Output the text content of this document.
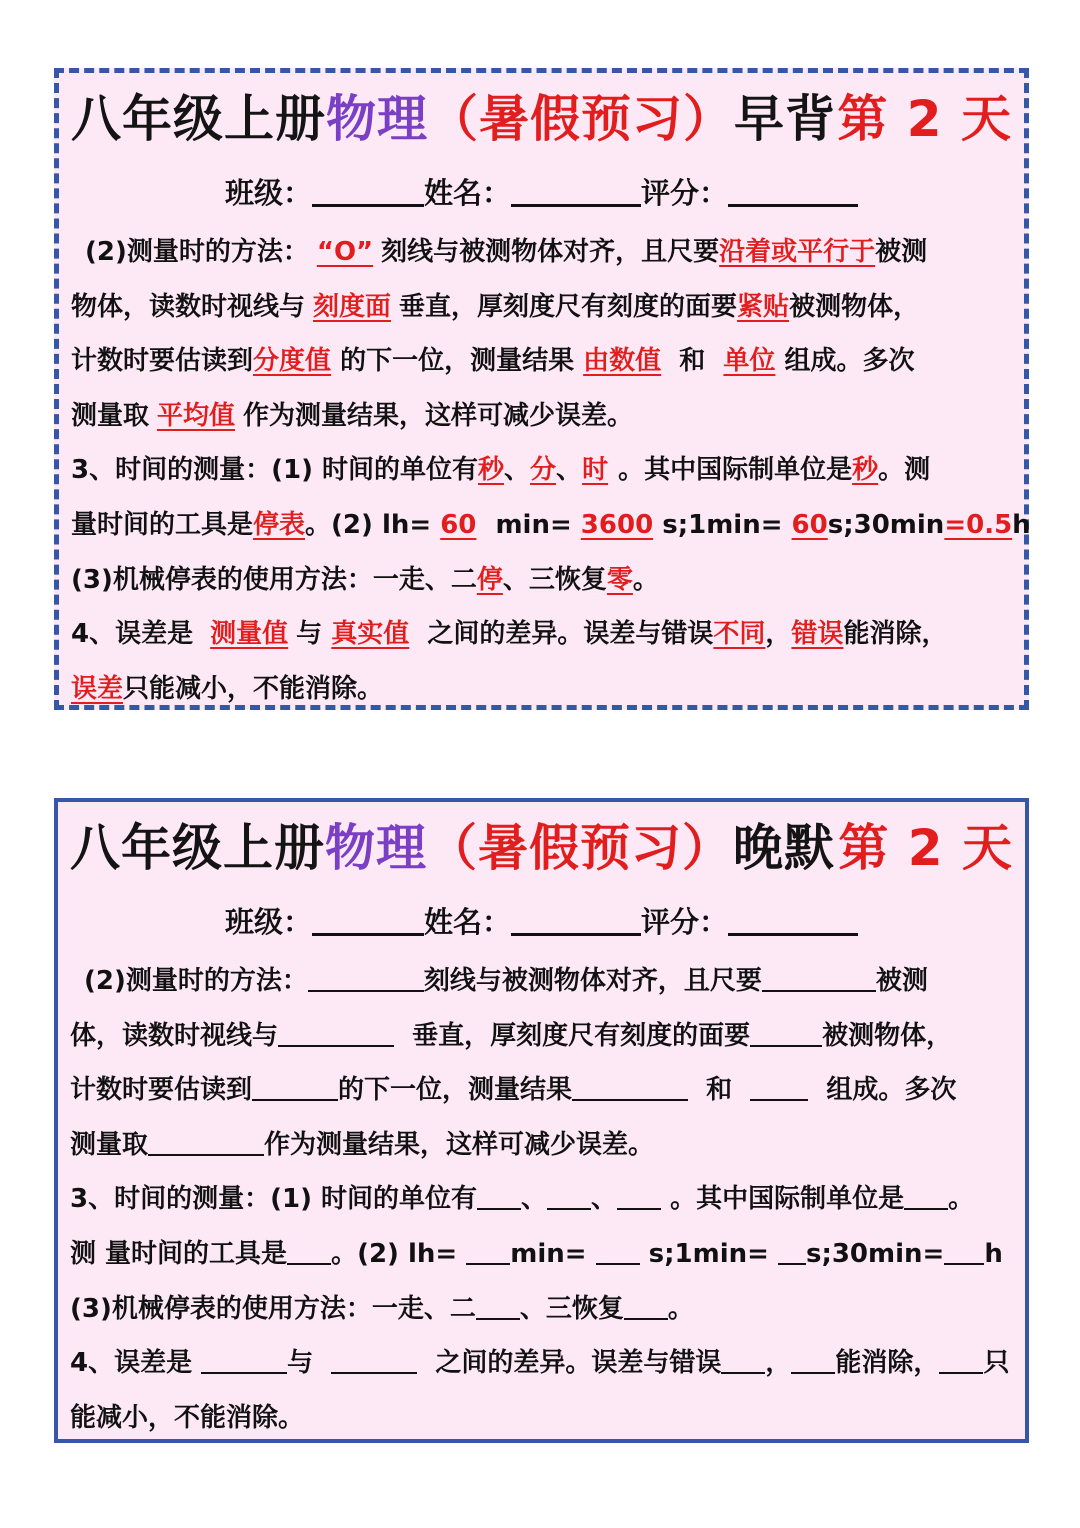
八年级上册物理（暑假预习）早背 第 2 天
班级：	姓名：	评分：
(2)测量时的方法： “O” 刻线与被测物体对齐，且尺要沿着或平行于被测
物体，读数时视线与 刻度面 垂直，厚刻度尺有刻度的面要紧贴被测物体，
计数时要估读到分度值 的下一位，测量结果 由数值 和 单位 组成。多次
测量取 平均值 作为测量结果，这样可减少误差。
3、时间的测量：(1) 时间的单位有秒、分、时 。其中国际制单位是秒。测
量时间的工具是停表。(2) lh= 60 min= 3600 s;1min= 60s;30min=0.5h
(3)机械停表的使用方法：一走、二停、三恢复零。
4、误差是 测量值 与 真实值 之间的差异。误差与错误不同，错误能消除，
误差只能减小，不能消除。
八年级上册物理（暑假预习）晚默 第 2 天
班级：	姓名：	评分：
(2)测量时的方法：	刻线与被测物体对齐，且尺要	被测
体，读数时视线与	垂直，厚刻度尺有刻度的面要	被测物体，
计数时要估读到	的下一位，测量结果	和	组成。多次
测量取	作为测量结果，这样可减少误差。
3、时间的测量：(1) 时间的单位有 、 、 。其中国际制单位是 。
测 量时间的工具是 。(2) lh= min=  s;1min= s;30min= h
(3)机械停表的使用方法：一走、二 、三恢复 。
4、误差是	与	之间的差异。误差与错误 ， 能消除， 只
能减小，不能消除。
